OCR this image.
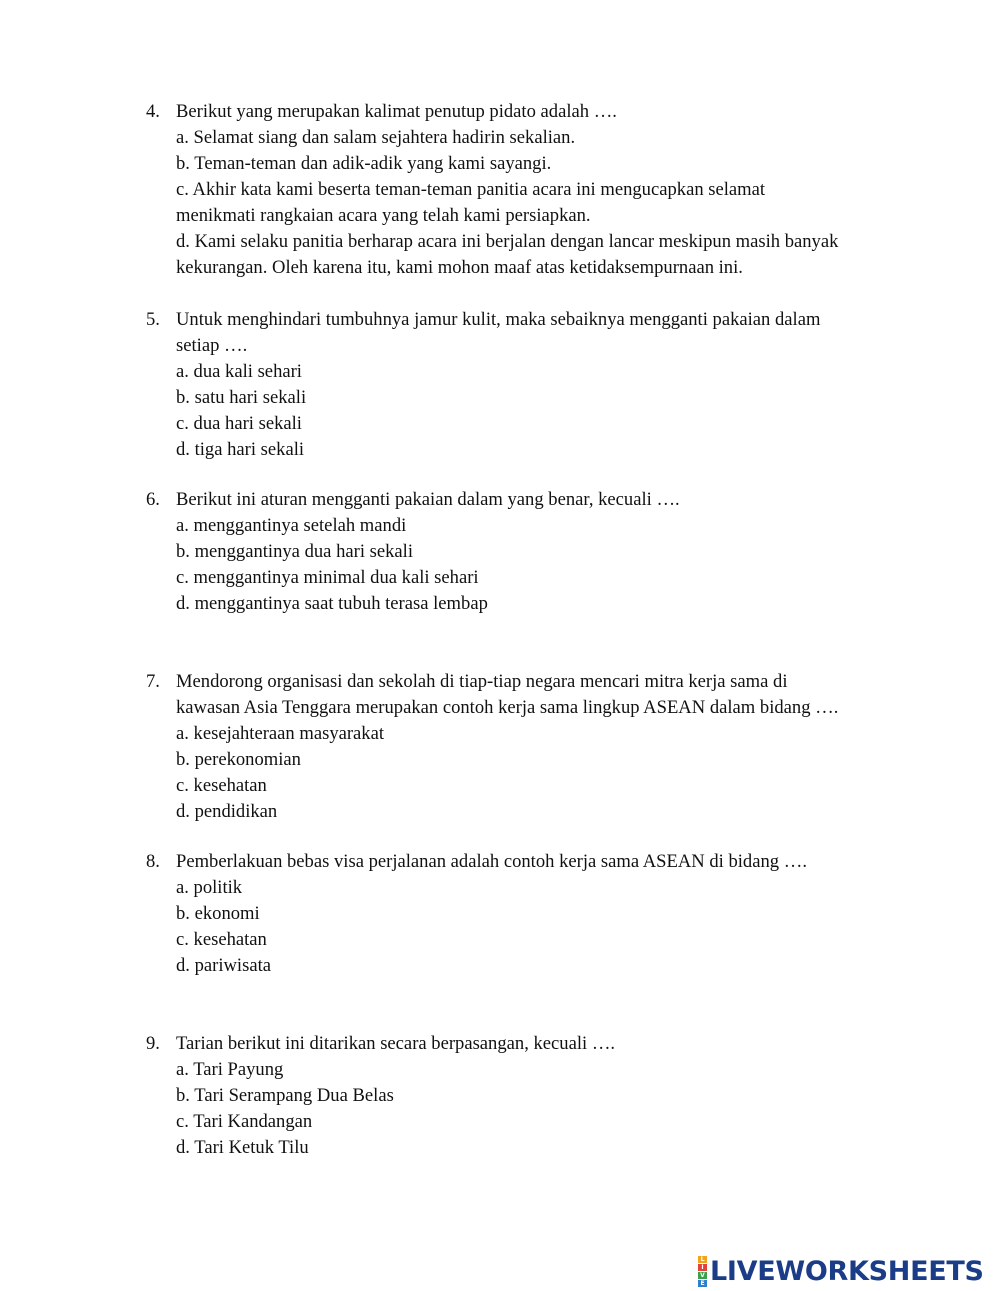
4. Berikut yang merupakan kalimat penutup pidato adalah ….
a. Selamat siang dan salam sejahtera hadirin sekalian.
b. Teman-teman dan adik-adik yang kami sayangi.
c. Akhir kata kami beserta teman-teman panitia acara ini mengucapkan selamat
menikmati rangkaian acara yang telah kami persiapkan.
d. Kami selaku panitia berharap acara ini berjalan dengan lancar meskipun masih banyak
kekurangan. Oleh karena itu, kami mohon maaf atas ketidaksempurnaan ini.
5. Untuk menghindari tumbuhnya jamur kulit, maka sebaiknya mengganti pakaian dalam
setiap ….
a. dua kali sehari
b. satu hari sekali
c. dua hari sekali
d. tiga hari sekali
6. Berikut ini aturan mengganti pakaian dalam yang benar, kecuali ….
a. menggantinya setelah mandi
b. menggantinya dua hari sekali
c. menggantinya minimal dua kali sehari
d. menggantinya saat tubuh terasa lembap
7. Mendorong organisasi dan sekolah di tiap-tiap negara mencari mitra kerja sama di
kawasan Asia Tenggara merupakan contoh kerja sama lingkup ASEAN dalam bidang ….
a. kesejahteraan masyarakat
b. perekonomian
c. kesehatan
d. pendidikan
8. Pemberlakuan bebas visa perjalanan adalah contoh kerja sama ASEAN di bidang ….
a. politik
b. ekonomi
c. kesehatan
d. pariwisata
9. Tarian berikut ini ditarikan secara berpasangan, kecuali ….
a. Tari Payung
b. Tari Serampang Dua Belas
c. Tari Kandangan
d. Tari Ketuk Tilu
L
I
V
E LIVEWORKSHEETS
